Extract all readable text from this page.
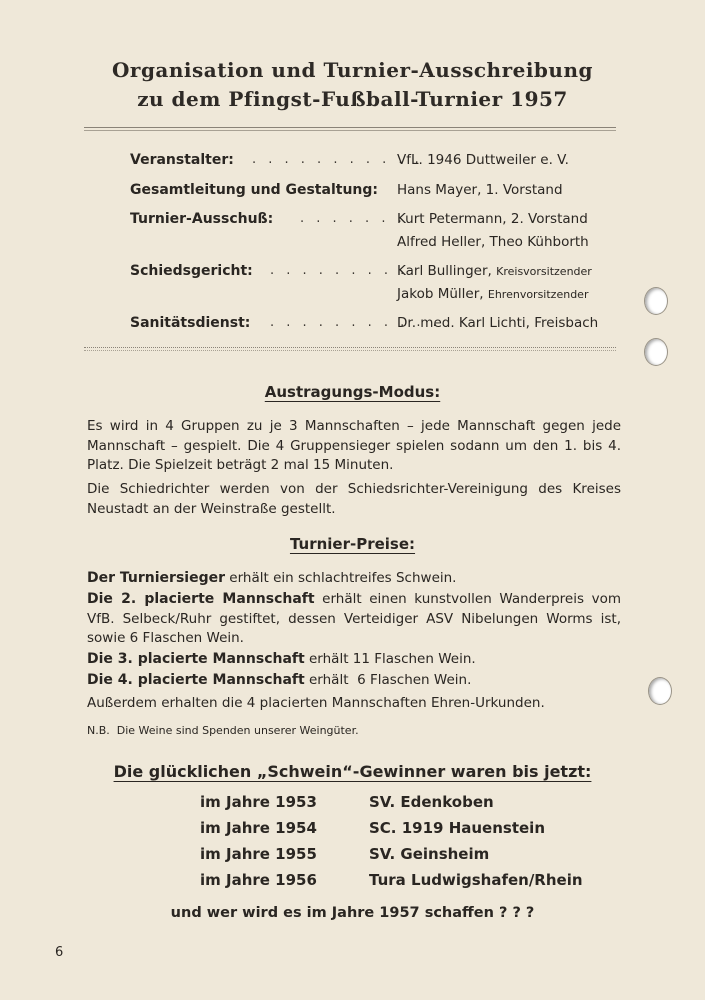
Organisation und Turnier-Ausschreibung
zu dem Pfingst-Fußball-Turnier 1957
Veranstalter: . . . . . . . . . . .
VfL. 1946 Duttweiler e. V.
Gesamtleitung und Gestaltung: Hans Mayer, 1. Vorstand
Turnier-Ausschuß: . . . . . . .
Kurt Petermann, 2. Vorstand
Alfred Heller, Theo Kühborth
Schiedsgericht: . . . . . . . . .
Karl Bullinger, Kreisvorsitzender
Jakob Müller, Ehrenvorsitzender
Sanitätsdienst: . . . . . . . . . . .
Dr. med. Karl Lichti, Freisbach
Austragungs-Modus:
Es wird in 4 Gruppen zu je 3 Mannschaften – jede Mannschaft gegen jede Mannschaft – gespielt. Die 4 Gruppensieger spielen sodann um den 1. bis 4. Platz. Die Spielzeit beträgt 2 mal 15 Minuten.
Die Schiedrichter werden von der Schiedsrichter-Vereinigung des Kreises Neustadt an der Weinstraße gestellt.
Turnier-Preise:
Der Turniersieger erhält ein schlachtreifes Schwein.
Die 2. placierte Mannschaft erhält einen kunstvollen Wanderpreis vom VfB. Selbeck/Ruhr gestiftet, dessen Verteidiger ASV Nibelungen Worms ist, sowie 6 Flaschen Wein.
Die 3. placierte Mannschaft erhält 11 Flaschen Wein.
Die 4. placierte Mannschaft erhält  6 Flaschen Wein.
Außerdem erhalten die 4 placierten Mannschaften Ehren-Urkunden.
N.B.  Die Weine sind Spenden unserer Weingüter.
Die glücklichen „Schwein“-Gewinner waren bis jetzt:
im Jahre 1953	SV. Edenkoben
im Jahre 1954	SC. 1919 Hauenstein
im Jahre 1955	SV. Geinsheim
im Jahre 1956	Tura Ludwigshafen/Rhein
und wer wird es im Jahre 1957 schaffen ? ? ?
6
